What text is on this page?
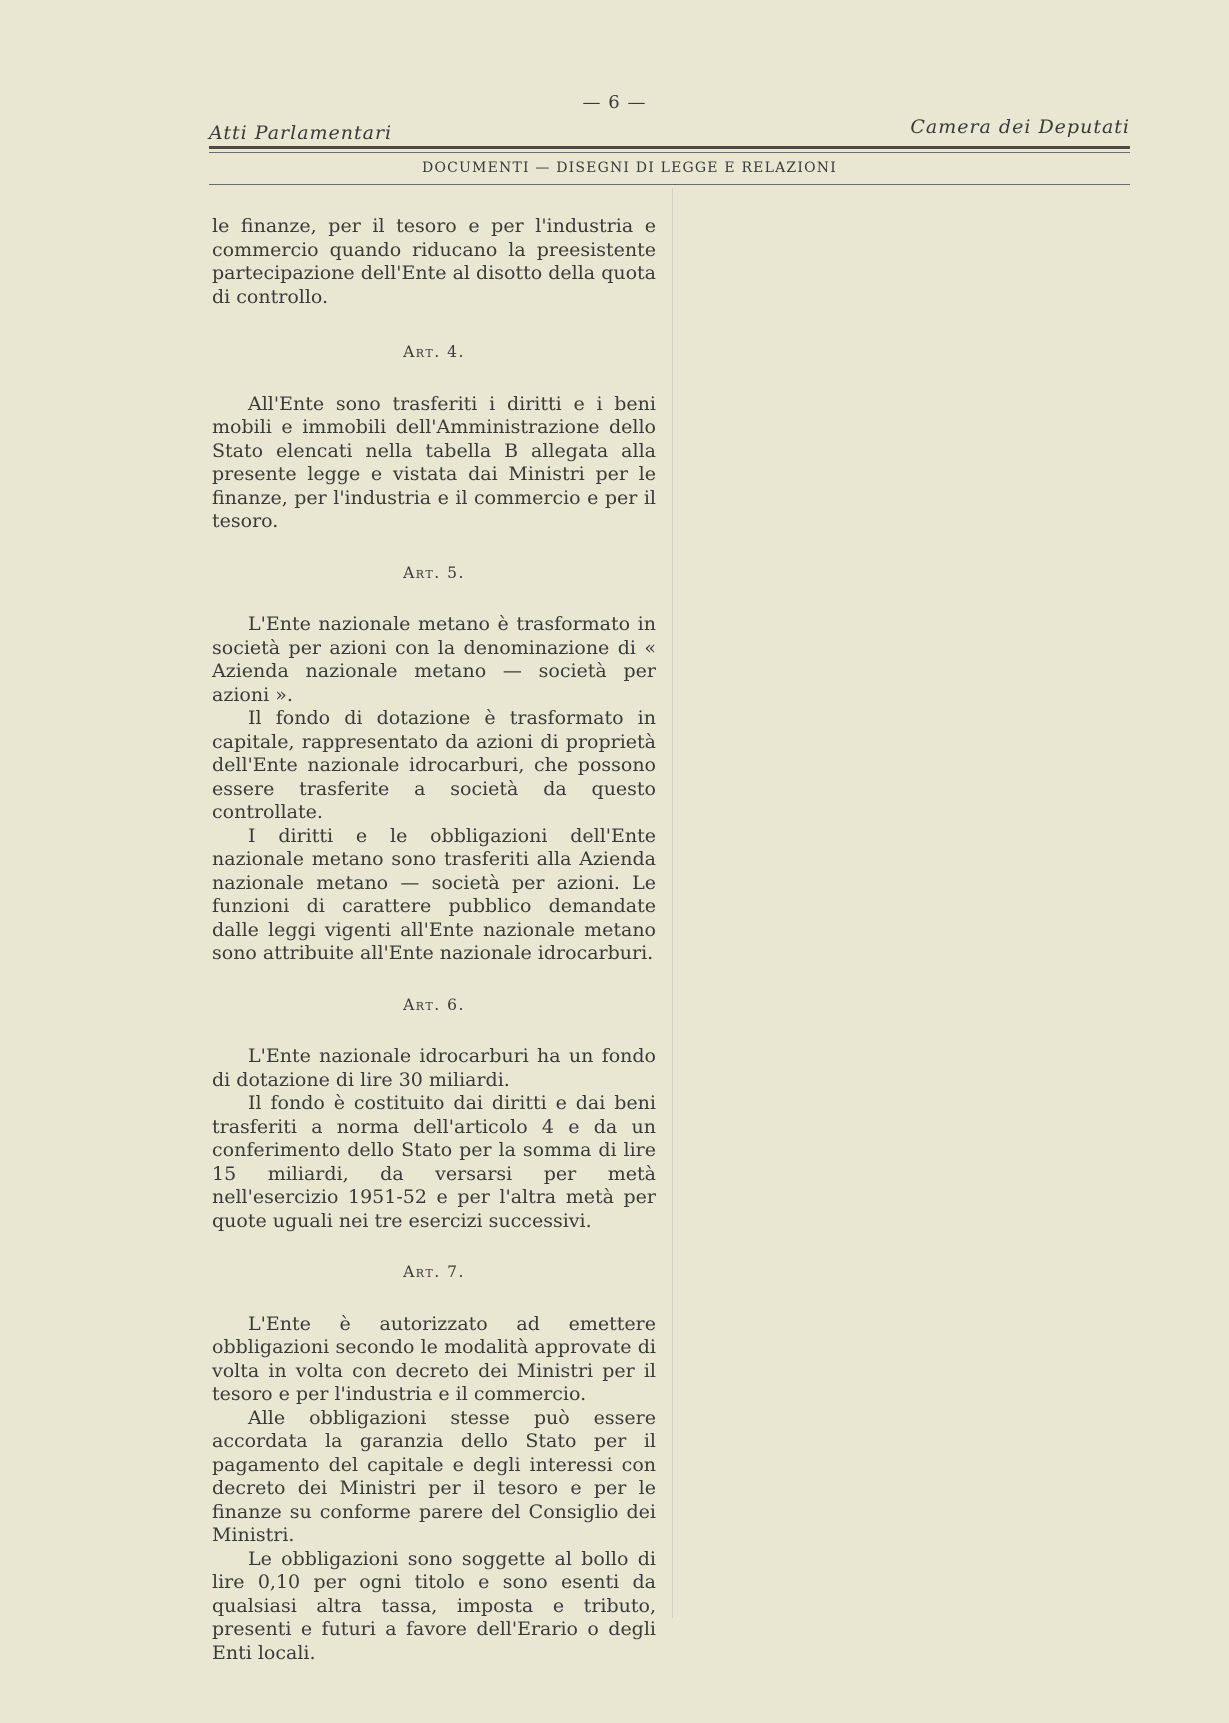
— 6 —
Atti Parlamentari	Camera dei Deputati
DOCUMENTI — DISEGNI DI LEGGE E RELAZIONI

le finanze, per il tesoro e per l'industria e commercio quando riducano la preesistente partecipazione dell'Ente al disotto della quota di controllo.

Art. 4.

All'Ente sono trasferiti i diritti e i beni mobili e immobili dell'Amministrazione dello Stato elencati nella tabella B allegata alla presente legge e vistata dai Ministri per le finanze, per l'industria e il commercio e per il tesoro.

Art. 5.

L'Ente nazionale metano è trasformato in società per azioni con la denominazione di « Azienda nazionale metano — società per azioni ».

Il fondo di dotazione è trasformato in capitale, rappresentato da azioni di proprietà dell'Ente nazionale idrocarburi, che possono essere trasferite a società da questo controllate.

I diritti e le obbligazioni dell'Ente nazionale metano sono trasferiti alla Azienda nazionale metano — società per azioni. Le funzioni di carattere pubblico demandate dalle leggi vigenti all'Ente nazionale metano sono attribuite all'Ente nazionale idrocarburi.

Art. 6.

L'Ente nazionale idrocarburi ha un fondo di dotazione di lire 30 miliardi.

Il fondo è costituito dai diritti e dai beni trasferiti a norma dell'articolo 4 e da un conferimento dello Stato per la somma di lire 15 miliardi, da versarsi per metà nell'esercizio 1951-52 e per l'altra metà per quote uguali nei tre esercizi successivi.

Art. 7.

L'Ente è autorizzato ad emettere obbligazioni secondo le modalità approvate di volta in volta con decreto dei Ministri per il tesoro e per l'industria e il commercio.

Alle obbligazioni stesse può essere accordata la garanzia dello Stato per il pagamento del capitale e degli interessi con decreto dei Ministri per il tesoro e per le finanze su conforme parere del Consiglio dei Ministri.

Le obbligazioni sono soggette al bollo di lire 0,10 per ogni titolo e sono esenti da qualsiasi altra tassa, imposta e tributo, presenti e futuri a favore dell'Erario o degli Enti locali.
